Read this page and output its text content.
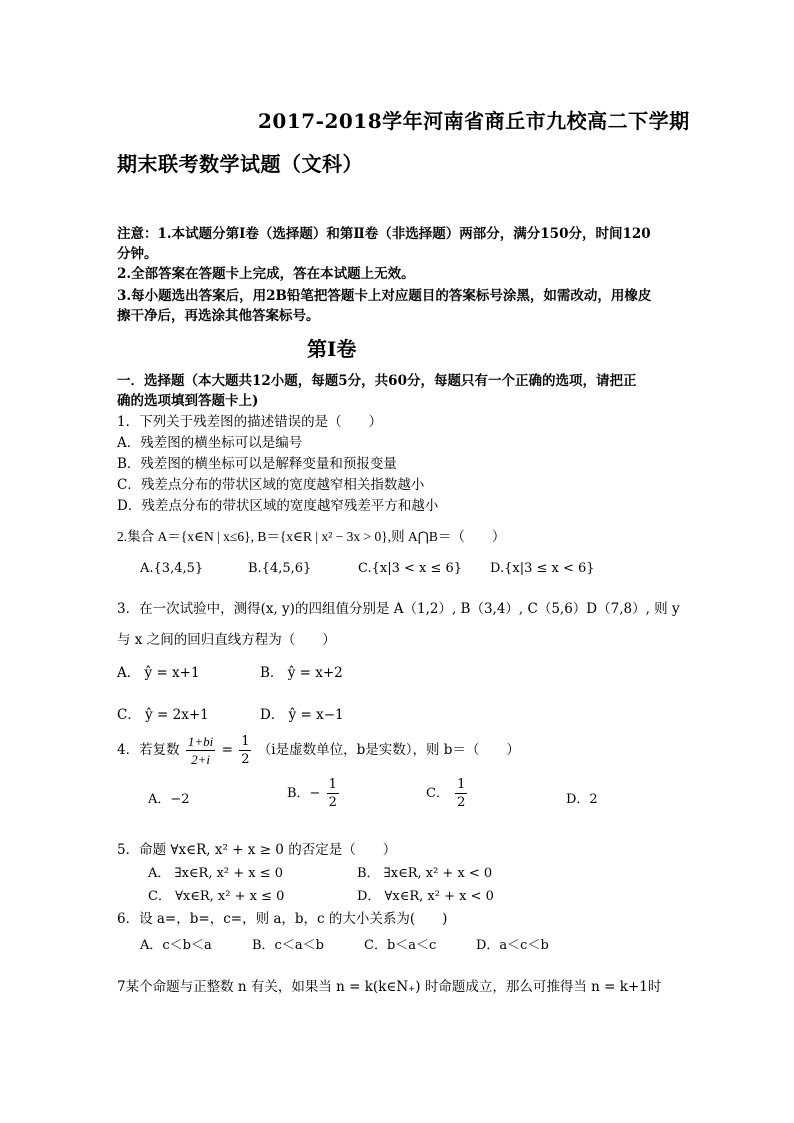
2017-2018学年河南省商丘市九校高二下学期
期末联考数学试题（文科）
注意：1.本试题分第Ⅰ卷（选择题）和第Ⅱ卷（非选择题）两部分，满分150分，时间120
分钟。
2.全部答案在答题卡上完成，答在本试题上无效。
3.每小题选出答案后，用2B铅笔把答题卡上对应题目的答案标号涂黑，如需改动，用橡皮
擦干净后，再选涂其他答案标号。
第Ⅰ卷
一．选择题（本大题共12小题，每题5分，共60分，每题只有一个正确的选项，请把正
确的选项填到答题卡上)
1．下列关于残差图的描述错误的是（　　）
A．残差图的横坐标可以是编号
B．残差图的横坐标可以是解释变量和预报变量
C．残差点分布的带状区域的宽度越窄相关指数越小
D．残差点分布的带状区域的宽度越窄残差平方和越小
2.集合 A＝{x∈N | x≤6}, B＝{x∈R | x² − 3x > 0},则 A⋂B＝（　　）
A.{3,4,5}	B.{4,5,6}	C.{x|3 < x ≤ 6} D.{x|3 ≤ x < 6}
3．在一次试验中，测得(x, y)的四组值分别是 A（1,2）, B（3,4）, C（5,6）D（7,8）, 则 y
与 x 之间的回归直线方程为（　　）
A． ŷ = x+1	B． ŷ = x+2
C． ŷ = 2x+1	D． ŷ = x−1
4．若复数 $\frac{1+bi}{2+i} = \frac{1}{2} (i$是虚数单位，b是实数），则 b＝（　　）
A．−2	B．− $\frac{1}{2}$	C． $\frac{1}{2}$	D．2
5．命题 ∀x∈R, x² + x ≥ 0 的否定是（　　）
A． ∃x∈R, x² + x ≤ 0	B． ∃x∈R, x² + x < 0
C． ∀x∈R, x² + x ≤ 0	D． ∀x∈R, x² + x < 0
6．设 a=，b=，c=，则 a，b，c 的大小关系为(　　)
A．c＜b＜a	B．c＜a＜b	C．b＜a＜c	D．a＜c＜b
7某个命题与正整数 n 有关，如果当 n = k(k∈N₊) 时命题成立，那么可推得当 n = k+1时
